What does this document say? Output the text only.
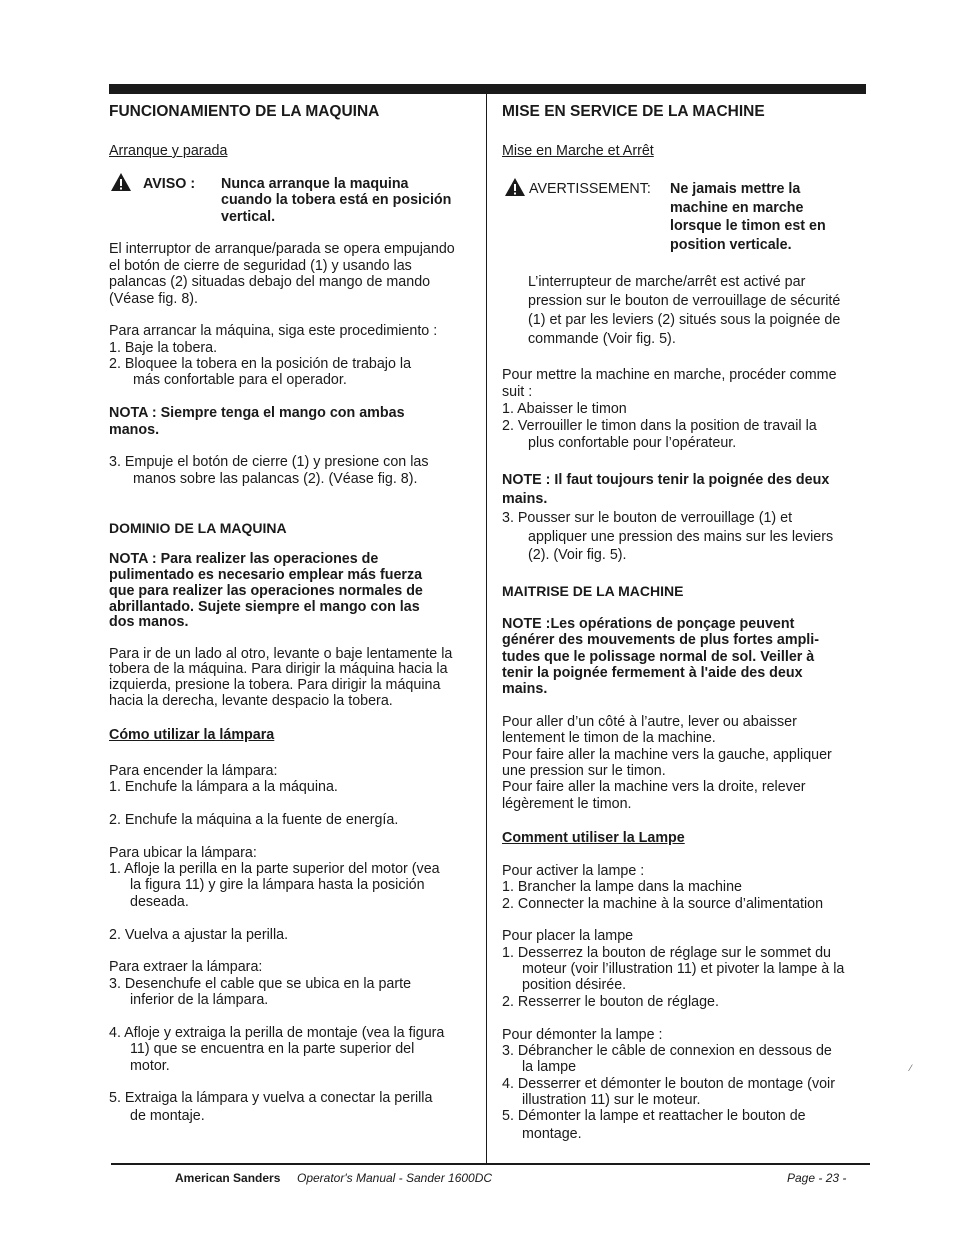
FUNCIONAMIENTO DE LA MAQUINA
Arranque y parada
AVISO : Nunca arranque la maquina
cuando la tobera está en posición
vertical.
El interruptor de arranque/parada se opera empujando
el botón de cierre de seguridad (1) y usando las
palancas (2) situadas debajo del mango de mando
(Véase fig. 8).
Para arrancar la máquina, siga este procedimiento :
1. Baje la tobera.
2. Bloquee la tobera en la posición de trabajo la
más confortable para el operador.
NOTA : Siempre tenga el mango con ambas
manos.
3. Empuje el botón de cierre (1) y presione con las
manos sobre las palancas (2). (Véase fig. 8).
DOMINIO DE LA MAQUINA
NOTA : Para realizer las operaciones de
pulimentado es necesario emplear más fuerza
que para realizer las operaciones normales de
abrillantado. Sujete siempre el mango con las
dos manos.
Para ir de un lado al otro, levante o baje lentamente la
tobera de la máquina. Para dirigir la máquina hacia la
izquierda, presione la tobera. Para dirigir la máquina
hacia la derecha, levante despacio la tobera.
Cómo utilizar la lámpara
Para encender la lámpara:
1. Enchufe la lámpara a la máquina.
2. Enchufe la máquina a la fuente de energía.
Para ubicar la lámpara:
1. Afloje la perilla en la parte superior del motor (vea
la figura 11) y gire la lámpara hasta la posición
deseada.
2. Vuelva a ajustar la perilla.
Para extraer la lámpara:
3. Desenchufe el cable que se ubica en la parte
inferior de la lámpara.
4. Afloje y extraiga la perilla de montaje (vea la figura
11) que se encuentra en la parte superior del
motor.
5. Extraiga la lámpara y vuelva a conectar la perilla
de montaje.
MISE EN SERVICE DE LA MACHINE
Mise en Marche et Arrêt
AVERTISSEMENT: Ne jamais mettre la
machine en marche
lorsque le timon est en
position verticale.
L’interrupteur de marche/arrêt est activé par
pression sur le bouton de verrouillage de sécurité
(1) et par les leviers (2) situés sous la poignée de
commande (Voir fig. 5).
Pour mettre la machine en marche, procéder comme
suit :
1. Abaisser le timon
2. Verrouiller le timon dans la position de travail la
plus confortable pour l’opérateur.
NOTE : Il faut toujours tenir la poignée des deux
mains.
3. Pousser sur le bouton de verrouillage (1) et
appliquer une pression des mains sur les leviers
(2). (Voir fig. 5).
MAITRISE DE LA MACHINE
NOTE :Les opérations de ponçage peuvent
générer des mouvements de plus fortes ampli-
tudes que le polissage normal de sol. Veiller à
tenir la poignée fermement à l'aide des deux
mains.
Pour aller d’un côté à l’autre, lever ou abaisser
lentement le timon de la machine.
Pour faire aller la machine vers la gauche, appliquer
une pression sur le timon.
Pour faire aller la machine vers la droite, relever
légèrement le timon.
Comment utiliser la Lampe
Pour activer la lampe :
1. Brancher la lampe dans la machine
2. Connecter la machine à la source d’alimentation
Pour placer la lampe
1. Desserrez la bouton de réglage sur le sommet du
moteur (voir l’illustration 11) et pivoter la lampe à la
position désirée.
2. Resserrer le bouton de réglage.
Pour démonter la lampe :
3. Débrancher le câble de connexion en dessous de
la lampe
4. Desserrer et démonter le bouton de montage (voir
illustration 11) sur le moteur.
5. Démonter la lampe et reattacher le bouton de
montage.
⁄
American Sanders Operator's Manual - Sander 1600DC	Page - 23 -
